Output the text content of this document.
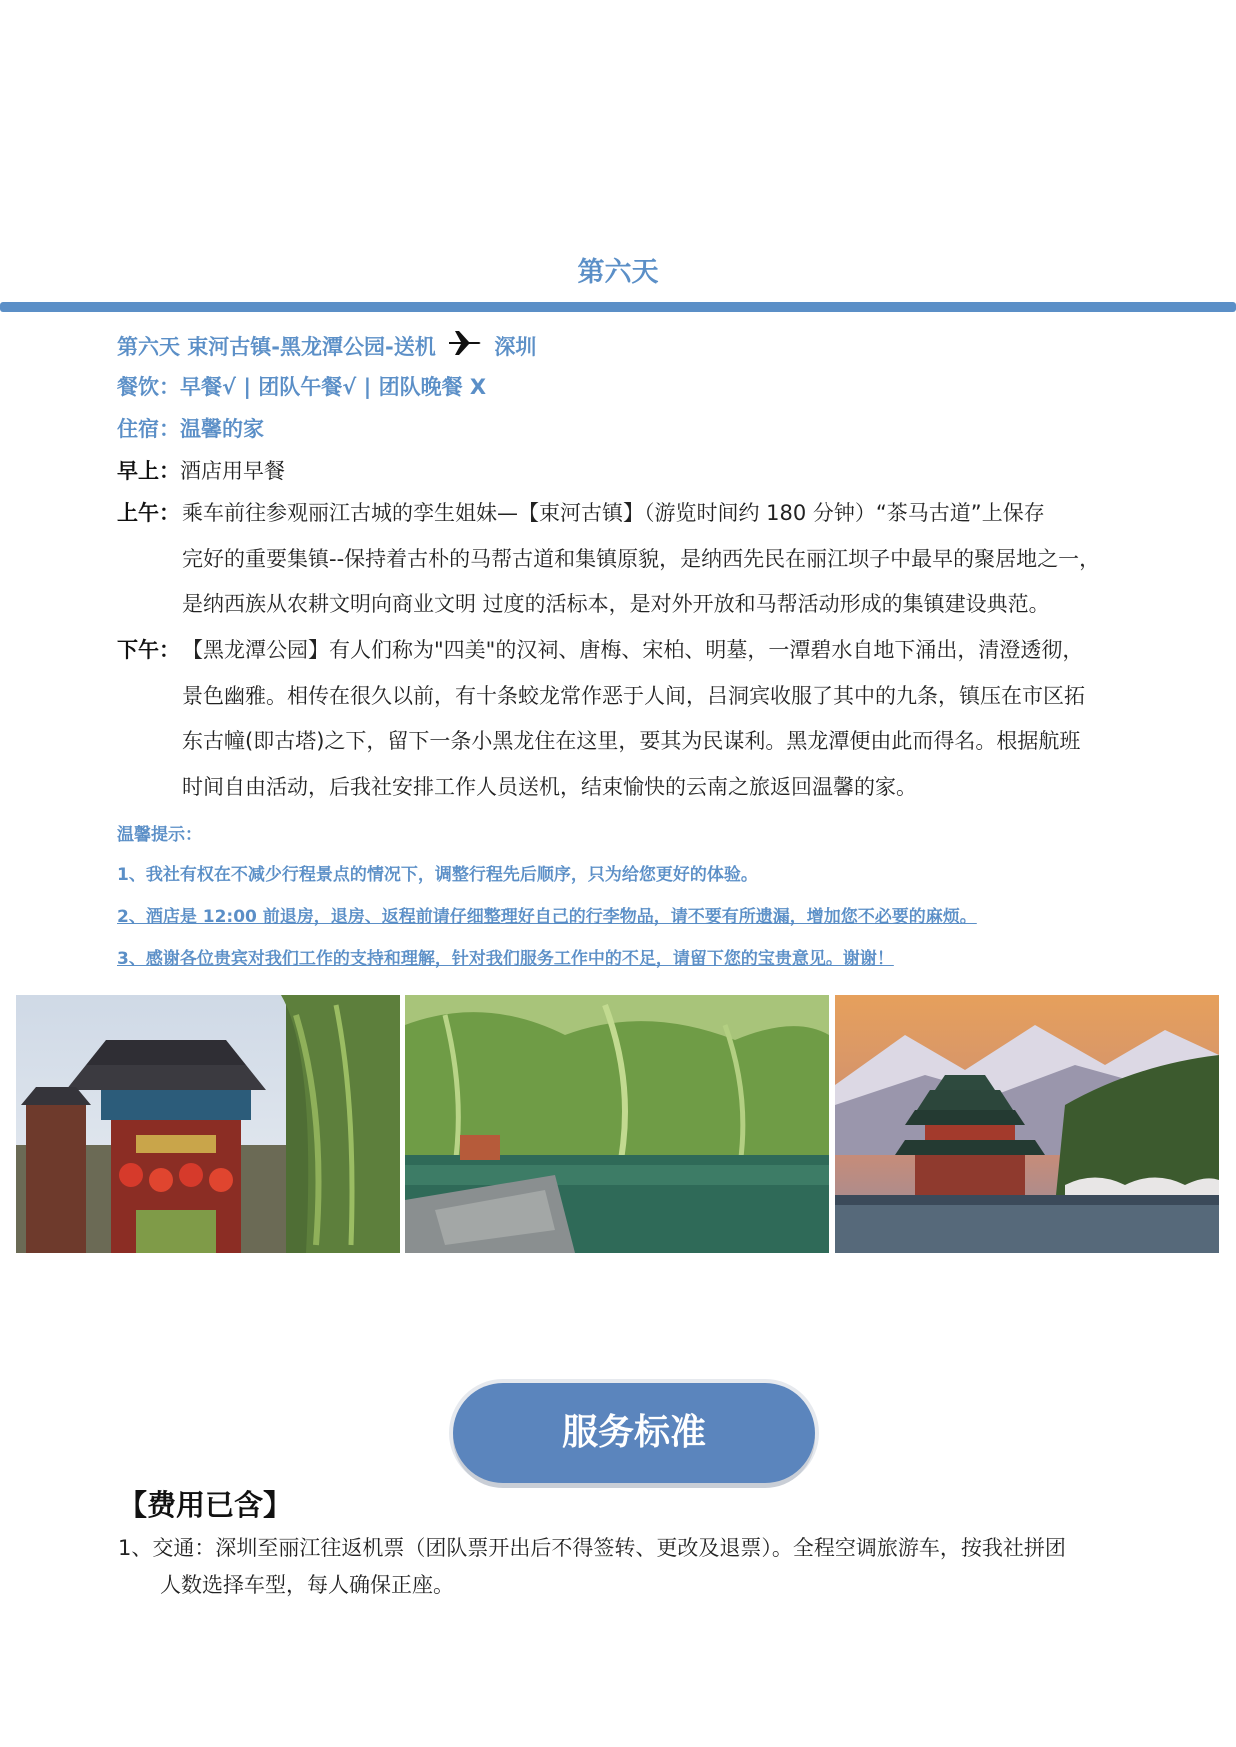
第六天
第六天 束河古镇-黑龙潭公园-送机	深圳
餐饮：早餐√ | 团队午餐√ | 团队晚餐 X
住宿：温馨的家
早上：酒店用早餐
上午： 乘车前往参观丽江古城的孪生姐妹—【束河古镇】（游览时间约 180 分钟）“茶马古道”上保存

完好的重要集镇--保持着古朴的马帮古道和集镇原貌，是纳西先民在丽江坝子中最早的聚居地之一，

是纳西族从农耕文明向商业文明 过度的活标本，是对外开放和马帮活动形成的集镇建设典范。

下午： 【黑龙潭公园】有人们称为"四美"的汉祠、唐梅、宋柏、明墓，一潭碧水自地下涌出，清澄透彻，

景色幽雅。相传在很久以前，有十条蛟龙常作恶于人间，吕洞宾收服了其中的九条，镇压在市区拓

东古幢(即古塔)之下，留下一条小黑龙住在这里，要其为民谋利。黑龙潭便由此而得名。根据航班

时间自由活动，后我社安排工作人员送机，结束愉快的云南之旅返回温馨的家。

温馨提示：
1、我社有权在不减少行程景点的情况下，调整行程先后顺序，只为给您更好的体验。
2、酒店是 12:00 前退房，退房、返程前请仔细整理好自己的行李物品，请不要有所遗漏，增加您不必要的麻烦。
3、感谢各位贵宾对我们工作的支持和理解，针对我们服务工作中的不足，请留下您的宝贵意见。谢谢！
服务标准
【费用已含】
1、交通：深圳至丽江往返机票（团队票开出后不得签转、更改及退票）。全程空调旅游车，按我社拼团
人数选择车型，每人确保正座。
